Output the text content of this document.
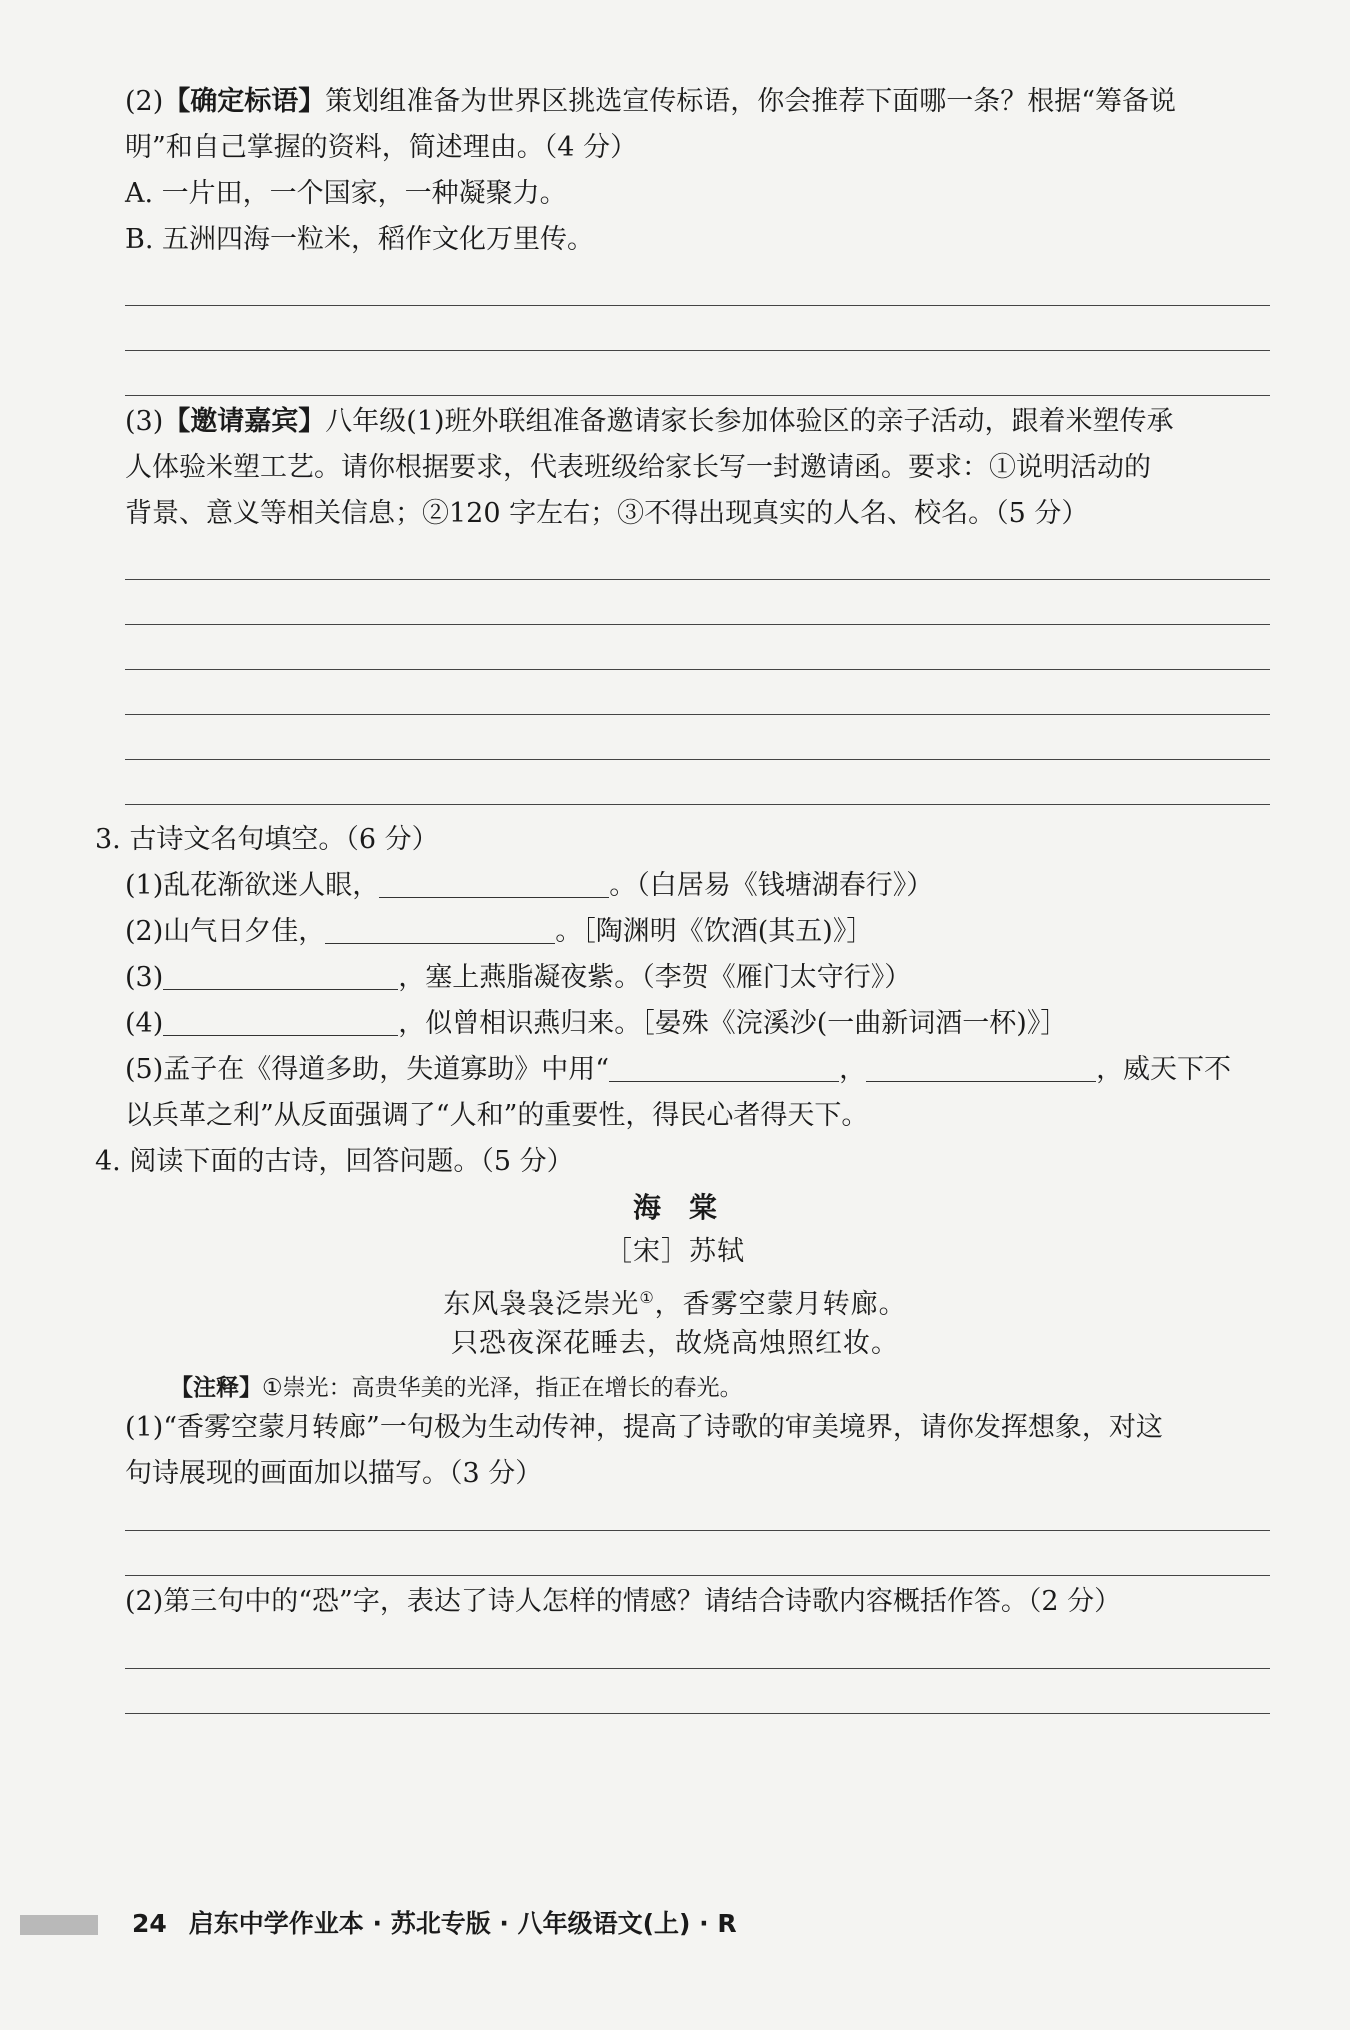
(2)【确定标语】策划组准备为世界区挑选宣传标语，你会推荐下面哪一条？根据“筹备说
明”和自己掌握的资料，简述理由。（4 分）
A. 一片田，一个国家，一种凝聚力。
B. 五洲四海一粒米，稻作文化万里传。
(3)【邀请嘉宾】八年级(1)班外联组准备邀请家长参加体验区的亲子活动，跟着米塑传承
人体验米塑工艺。请你根据要求，代表班级给家长写一封邀请函。要求：①说明活动的
背景、意义等相关信息；②120 字左右；③不得出现真实的人名、校名。（5 分）
3. 古诗文名句填空。（6 分）
(1)乱花渐欲迷人眼，	。（白居易《钱塘湖春行》）
(2)山气日夕佳，	。［陶渊明《饮酒(其五)》］
(3)	，塞上燕脂凝夜紫。（李贺《雁门太守行》）
(4)	，似曾相识燕归来。［晏殊《浣溪沙(一曲新词酒一杯)》］
(5)孟子在《得道多助，失道寡助》中用“	，	，威天下不
以兵革之利”从反面强调了“人和”的重要性，得民心者得天下。
4. 阅读下面的古诗，回答问题。（5 分）
海　棠
［宋］苏轼
东风袅袅泛崇光①，香雾空蒙月转廊。
只恐夜深花睡去，故烧高烛照红妆。
【注释】①崇光：高贵华美的光泽，指正在增长的春光。
(1)“香雾空蒙月转廊”一句极为生动传神，提高了诗歌的审美境界，请你发挥想象，对这
句诗展现的画面加以描写。（3 分）
(2)第三句中的“恐”字，表达了诗人怎样的情感？请结合诗歌内容概括作答。（2 分）
24 启东中学作业本 · 苏北专版 · 八年级语文(上) · R
